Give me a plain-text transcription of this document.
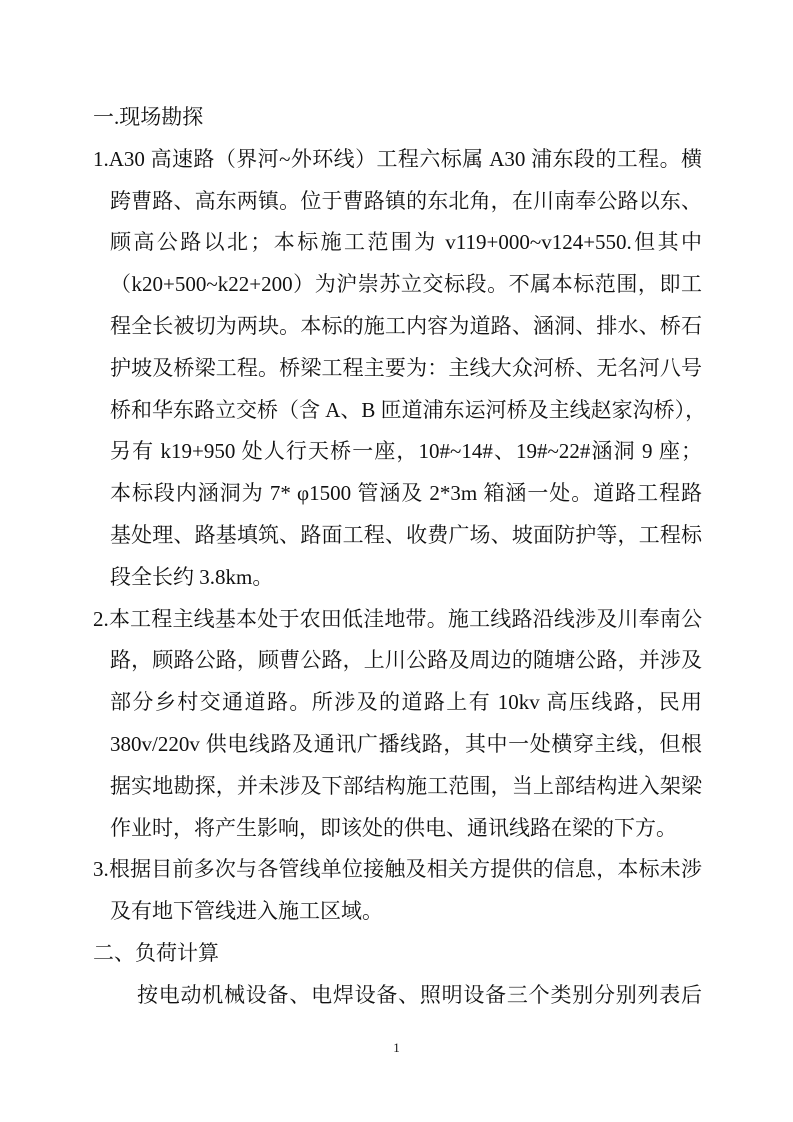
一.现场勘探
1.A30 高速路（界河~外环线）工程六标属 A30 浦东段的工程。横
跨曹路、高东两镇。位于曹路镇的东北角，在川南奉公路以东、
顾高公路以北；本标施工范围为 v119+000~v124+550.但其中
（k20+500~k22+200）为沪崇苏立交标段。不属本标范围，即工
程全长被切为两块。本标的施工内容为道路、涵洞、排水、桥石
护坡及桥梁工程。桥梁工程主要为：主线大众河桥、无名河八号
桥和华东路立交桥（含 A、B 匝道浦东运河桥及主线赵家沟桥），
另有 k19+950 处人行天桥一座，10#~14#、19#~22#涵洞 9 座；
本标段内涵洞为 7* φ1500 管涵及 2*3m 箱涵一处。道路工程路
基处理、路基填筑、路面工程、收费广场、坡面防护等，工程标
段全长约 3.8km。
2.本工程主线基本处于农田低洼地带。施工线路沿线涉及川奉南公
路，顾路公路，顾曹公路，上川公路及周边的随塘公路，并涉及
部分乡村交通道路。所涉及的道路上有 10kv 高压线路，民用
380v/220v 供电线路及通讯广播线路，其中一处横穿主线，但根
据实地勘探，并未涉及下部结构施工范围，当上部结构进入架梁
作业时，将产生影响，即该处的供电、通讯线路在梁的下方。
3.根据目前多次与各管线单位接触及相关方提供的信息，本标未涉
及有地下管线进入施工区域。
二、负荷计算
按电动机械设备、电焊设备、照明设备三个类别分别列表后
1
